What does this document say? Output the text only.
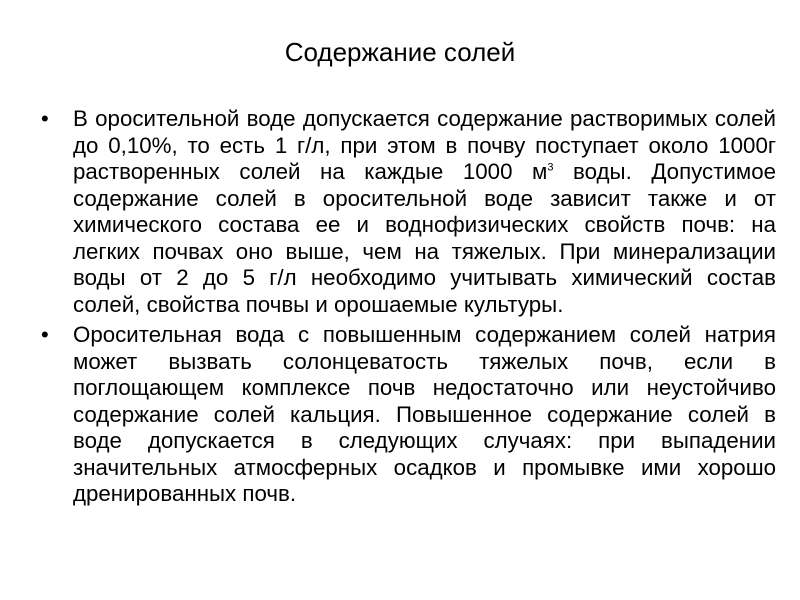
Содержание солей
• В оросительной воде допускается содержание растворимых солей до 0,10%, то есть 1 г/л, при этом в почву поступает около 1000г растворенных солей на каждые 1000 $м^3$ воды. Допустимое содержание солей в оросительной воде зависит также и от химического состава ее и воднофизических свойств почв: на легких почвах оно выше, чем на тяжелых. При минерализации воды от 2 до 5 г/л необходимо учитывать химический состав солей, свойства почвы и орошаемые культуры.
• Оросительная вода с повышенным содержанием солей натрия может вызвать солонцеватость тяжелых почв, если в поглощающем комплексе почв недостаточно или неустойчиво содержание солей кальция. Повышенное содержание солей в воде допускается в следующих случаях: при выпадении значительных атмосферных осадков и промывке ими хорошо дренированных почв.
